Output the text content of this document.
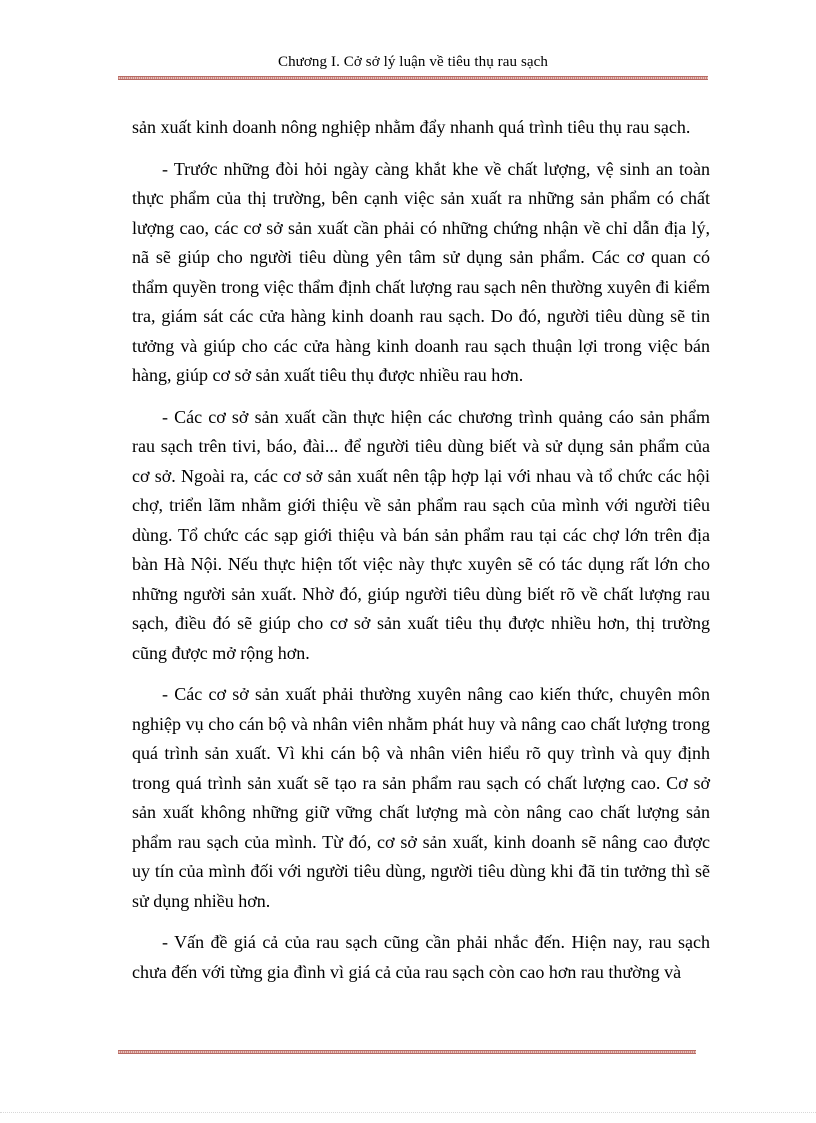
Chương I. Cở sở lý luận về tiêu thụ rau sạch

sản xuất kinh doanh nông nghiệp nhằm đẩy nhanh quá trình tiêu thụ rau sạch.

- Trước những đòi hỏi ngày càng khắt khe về chất lượng, vệ sinh an toàn thực phẩm của thị trường, bên cạnh việc sản xuất ra những sản phẩm có chất lượng cao, các cơ sở sản xuất cần phải có những chứng nhận về chỉ dẫn địa lý, nã sẽ giúp cho người tiêu dùng yên tâm sử dụng sản phẩm. Các cơ quan có thẩm quyền trong việc thẩm định chất lượng rau sạch nên thường xuyên đi kiểm tra, giám sát các cửa hàng kinh doanh rau sạch. Do đó, người tiêu dùng sẽ tin tưởng và giúp cho các cửa hàng kinh doanh rau sạch thuận lợi trong việc bán hàng, giúp cơ sở sản xuất tiêu thụ được nhiều rau hơn.

- Các cơ sở sản xuất cần thực hiện các chương trình quảng cáo sản phẩm rau sạch trên tivi, báo, đài... để người tiêu dùng biết và sử dụng sản phẩm của cơ sở. Ngoài ra, các cơ sở sản xuất nên tập hợp lại với nhau và tổ chức các hội chợ, triển lãm nhằm giới thiệu về sản phẩm rau sạch của mình với người tiêu dùng. Tổ chức các sạp giới thiệu và bán sản phẩm rau tại các chợ lớn trên địa bàn Hà Nội. Nếu thực hiện tốt việc này thực xuyên sẽ có tác dụng rất lớn cho những người sản xuất. Nhờ đó, giúp người tiêu dùng biết rõ về chất lượng rau sạch, điều đó sẽ giúp cho cơ sở sản xuất tiêu thụ được nhiều hơn, thị trường cũng được mở rộng hơn.

- Các cơ sở sản xuất phải thường xuyên nâng cao kiến thức, chuyên môn nghiệp vụ cho cán bộ và nhân viên nhằm phát huy và nâng cao chất lượng trong quá trình sản xuất. Vì khi cán bộ và nhân viên hiểu rõ quy trình và quy định trong quá trình sản xuất sẽ tạo ra sản phẩm rau sạch có chất lượng cao. Cơ sở sản xuất không những giữ vững chất lượng mà còn nâng cao chất lượng sản phẩm rau sạch của mình. Từ đó, cơ sở sản xuất, kinh doanh sẽ nâng cao được uy tín của mình đối với người tiêu dùng, người tiêu dùng khi đã tin tưởng thì sẽ sử dụng nhiều hơn.

- Vấn đề giá cả của rau sạch cũng cần phải nhắc đến. Hiện nay, rau sạch chưa đến với từng gia đình vì giá cả của rau sạch còn cao hơn rau thường và
